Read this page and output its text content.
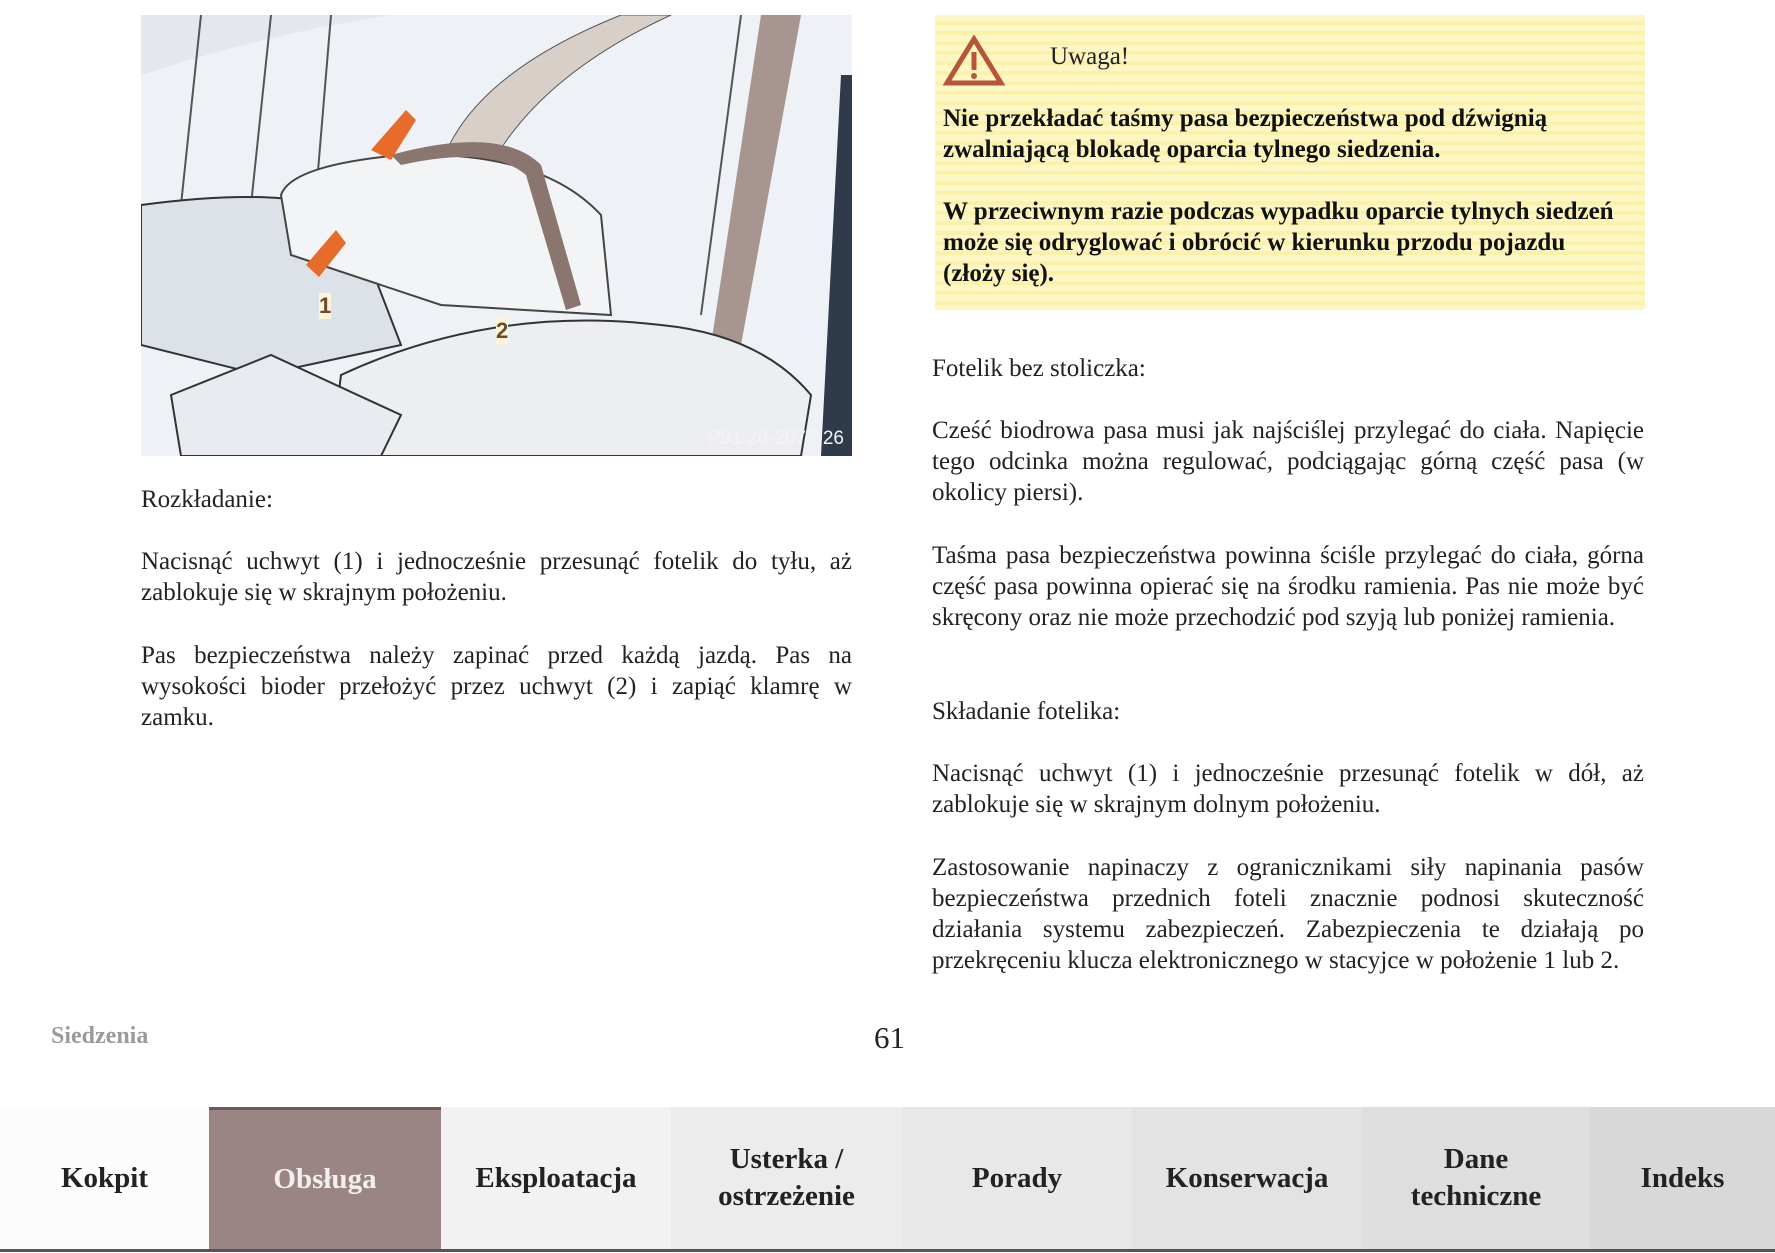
1
2
P91.20-2077-26

Rozkładanie:

Nacisnąć uchwyt (1) i jednocześnie przesunąć fotelik do tyłu, aż zablokuje się w skrajnym położeniu.

Pas bezpieczeństwa należy zapinać przed każdą jazdą. Pas na wysokości bioder przełożyć przez uchwyt (2) i zapiąć klamrę w zamku.

Uwaga!

Nie przekładać taśmy pasa bezpieczeństwa pod dźwignią zwalniającą blokadę oparcia tylnego siedzenia.

W przeciwnym razie podczas wypadku oparcie tylnych siedzeń może się odryglować i obrócić w kierunku przodu pojazdu (złoży się).

Fotelik bez stoliczka:

Cześć biodrowa pasa musi jak najściślej przylegać do ciała. Napięcie tego odcinka można regulować, podciągając górną część pasa (w okolicy piersi).

Taśma pasa bezpieczeństwa powinna ściśle przylegać do ciała, górna część pasa powinna opierać się na środku ramienia. Pas nie może być skręcony oraz nie może przechodzić pod szyją lub poniżej ramienia.

Składanie fotelika:

Nacisnąć uchwyt (1) i jednocześnie przesunąć fotelik w dół, aż zablokuje się w skrajnym dolnym położeniu.

Zastosowanie napinaczy z ogranicznikami siły napinania pasów bezpieczeństwa przednich foteli znacznie podnosi skuteczność działania systemu zabezpieczeń. Zabezpieczenia te działają po przekręceniu klucza elektronicznego w stacyjce w położenie 1 lub 2.

Siedzenia	61
Kokpit	Obsługa	Eksploatacja
Usterka / ostrzeżenie
Porady	Konserwacja
Dane techniczne
Indeks
